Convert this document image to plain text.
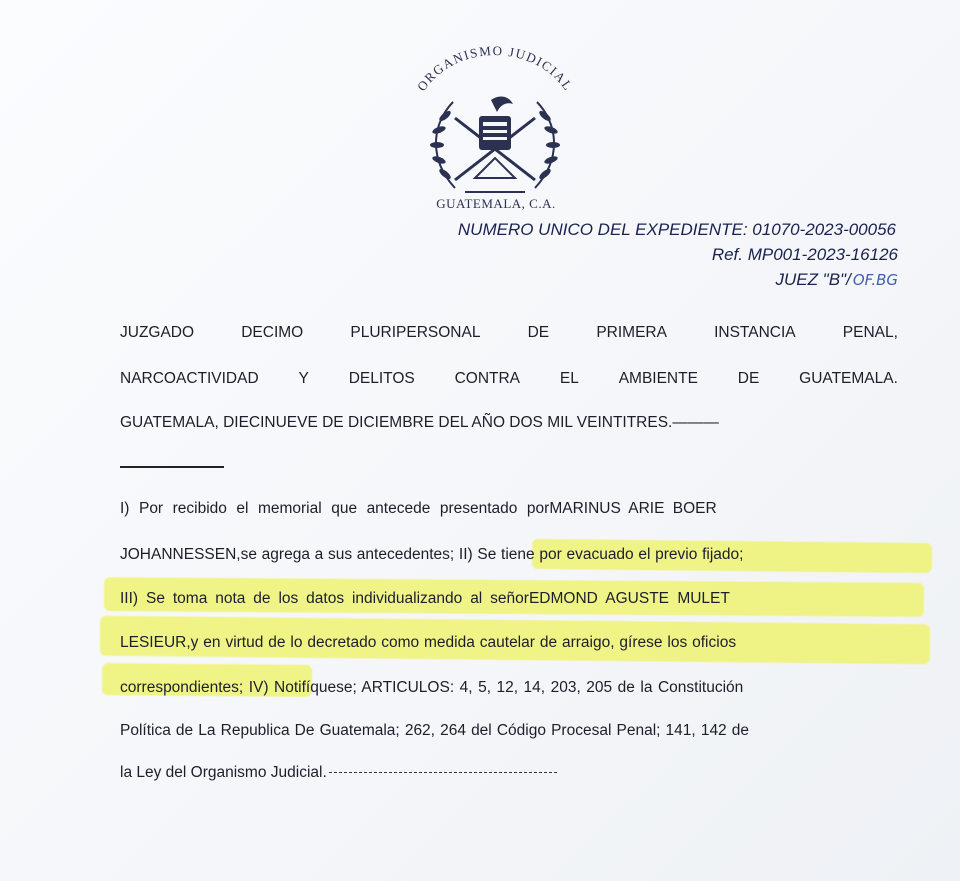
ORGANISMO JUDICIAL
GUATEMALA, C.A.
NUMERO UNICO DEL EXPEDIENTE: 01070-2023-00056
Ref. MP001-2023-16126
JUEZ "B"/ OF.BG
JUZGADO	DECIMO	PLURIPERSONAL	DE	PRIMERA	INSTANCIA	PENAL,
NARCOACTIVIDAD	Y	DELITOS	CONTRA	EL	AMBIENTE	DE	GUATEMALA.
GUATEMALA, DIECINUEVE DE DICIEMBRE DEL AÑO DOS MIL VEINTITRES.———
I) Por recibido el memorial que antecede presentado por MARINUS ARIE BOER
JOHANNESSEN, se agrega a sus antecedentes; II) Se tiene por evacuado el previo fijado;
III) Se toma nota de los datos individualizando al señor EDMOND AGUSTE MULET
LESIEUR, y en virtud de lo decretado como medida cautelar de arraigo, gírese los oficios
correspondientes; IV) Notifíquese; ARTICULOS: 4, 5, 12, 14, 203, 205 de la Constitución
Política de La Republica De Guatemala; 262, 264 del Código Procesal Penal; 141, 142 de
la Ley del Organismo Judicial.
